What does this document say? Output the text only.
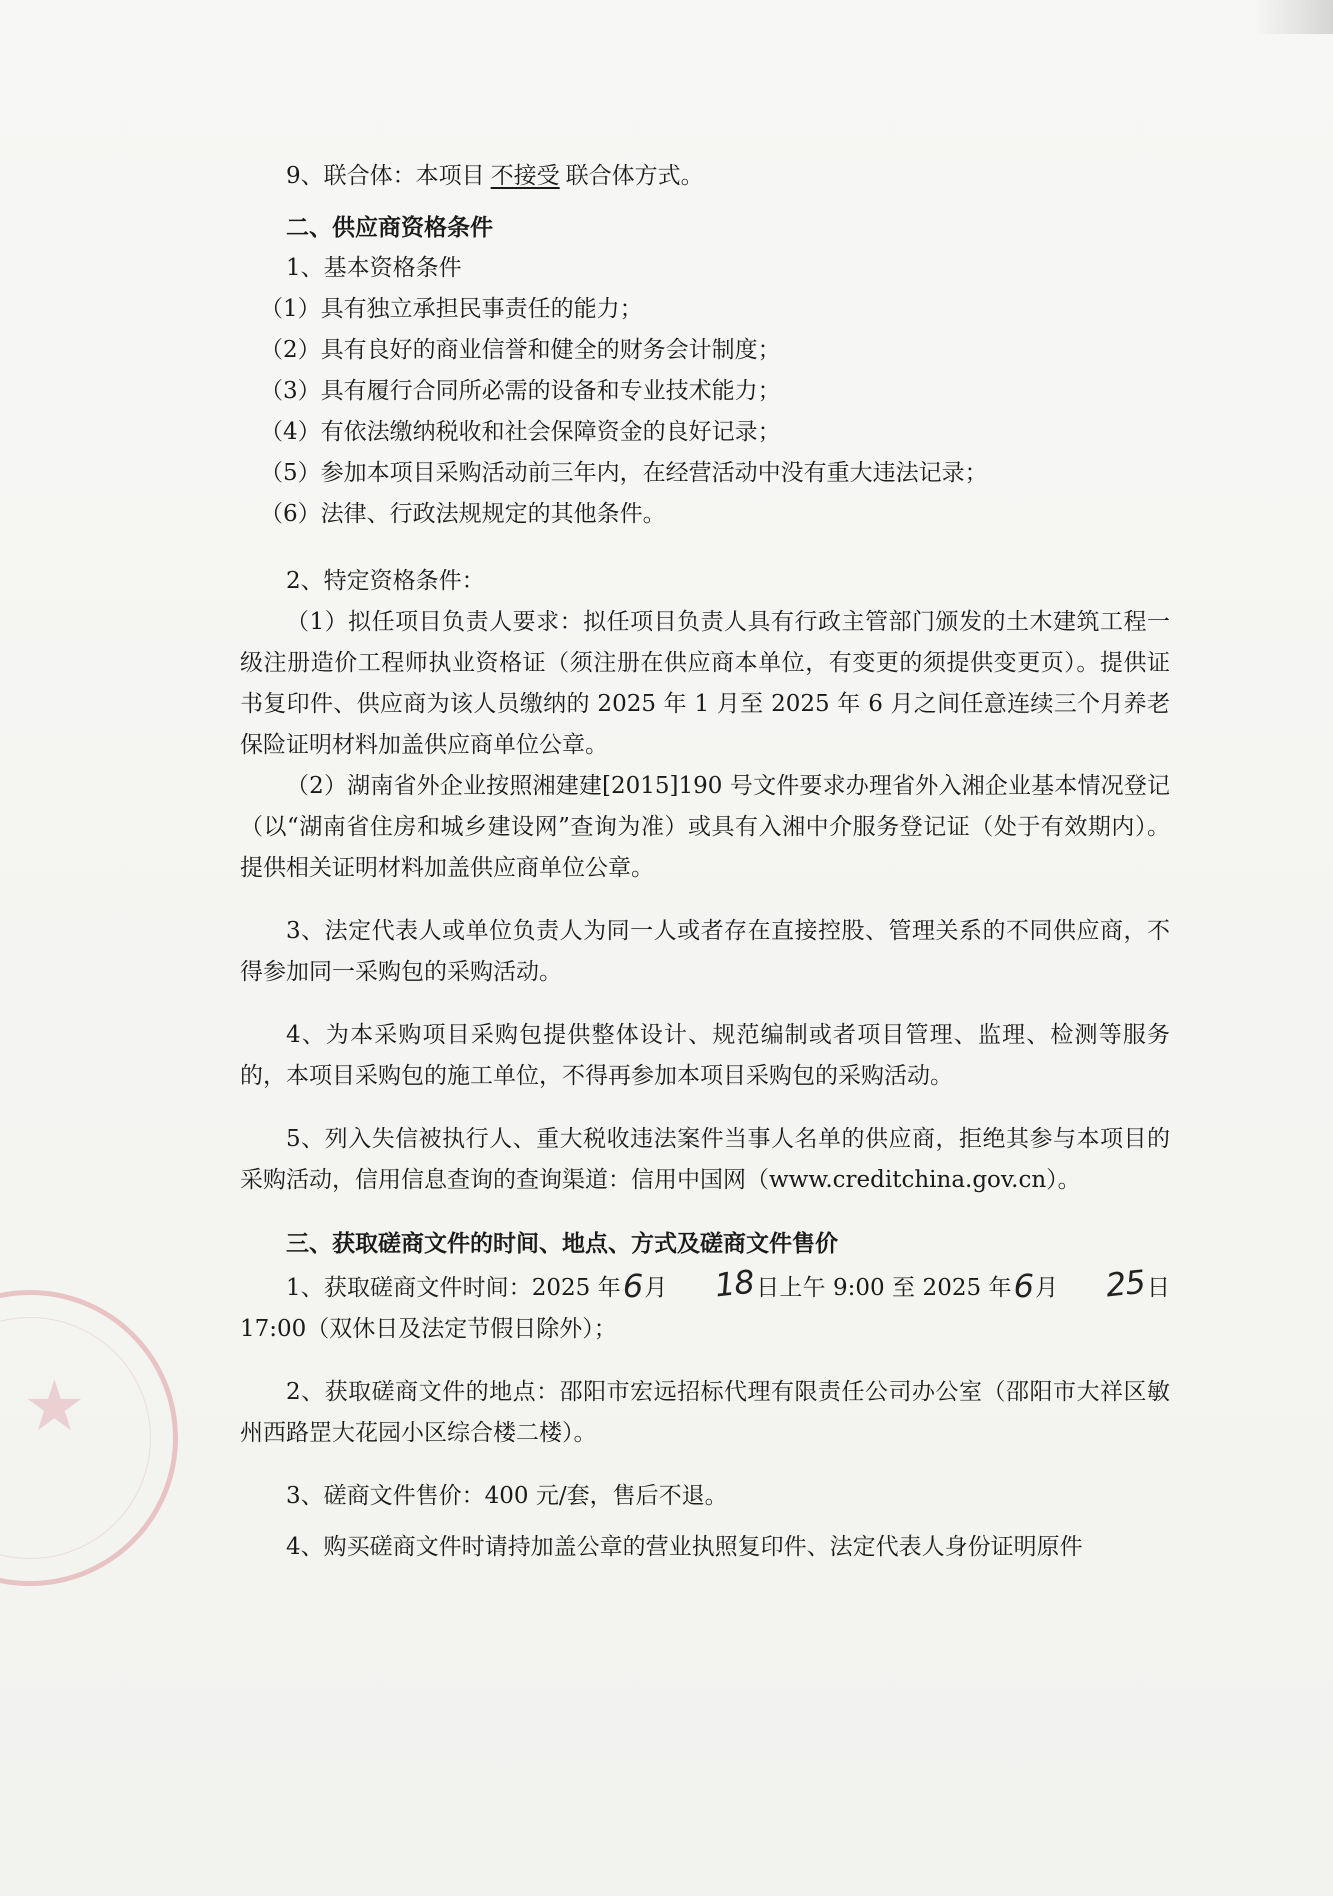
★

9、联合体：本项目 不接受 联合体方式。

二、供应商资格条件

1、基本资格条件

（1）具有独立承担民事责任的能力；

（2）具有良好的商业信誉和健全的财务会计制度；

（3）具有履行合同所必需的设备和专业技术能力；

（4）有依法缴纳税收和社会保障资金的良好记录；

（5）参加本项目采购活动前三年内，在经营活动中没有重大违法记录；

（6）法律、行政法规规定的其他条件。

2、特定资格条件：

（1）拟任项目负责人要求：拟任项目负责人具有行政主管部门颁发的土木建筑工程一级注册造价工程师执业资格证（须注册在供应商本单位，有变更的须提供变更页）。提供证书复印件、供应商为该人员缴纳的 2025 年 1 月至 2025 年 6 月之间任意连续三个月养老保险证明材料加盖供应商单位公章。

（2）湖南省外企业按照湘建建[2015]190 号文件要求办理省外入湘企业基本情况登记（以“湖南省住房和城乡建设网”查询为准）或具有入湘中介服务登记证（处于有效期内）。提供相关证明材料加盖供应商单位公章。

3、法定代表人或单位负责人为同一人或者存在直接控股、管理关系的不同供应商，不得参加同一采购包的采购活动。

4、为本采购项目采购包提供整体设计、规范编制或者项目管理、监理、检测等服务的，本项目采购包的施工单位，不得再参加本项目采购包的采购活动。

5、列入失信被执行人、重大税收违法案件当事人名单的供应商，拒绝其参与本项目的采购活动，信用信息查询的查询渠道：信用中国网（www.creditchina.gov.cn）。

三、获取磋商文件的时间、地点、方式及磋商文件售价

1、获取磋商文件时间：2025 年6月 18日上午 9:00 至 2025 年6月 25日 17:00（双休日及法定节假日除外）；

2、获取磋商文件的地点：邵阳市宏远招标代理有限责任公司办公室（邵阳市大祥区敏州西路罡大花园小区综合楼二楼）。

3、磋商文件售价：400 元/套，售后不退。

4、购买磋商文件时请持加盖公章的营业执照复印件、法定代表人身份证明原件
